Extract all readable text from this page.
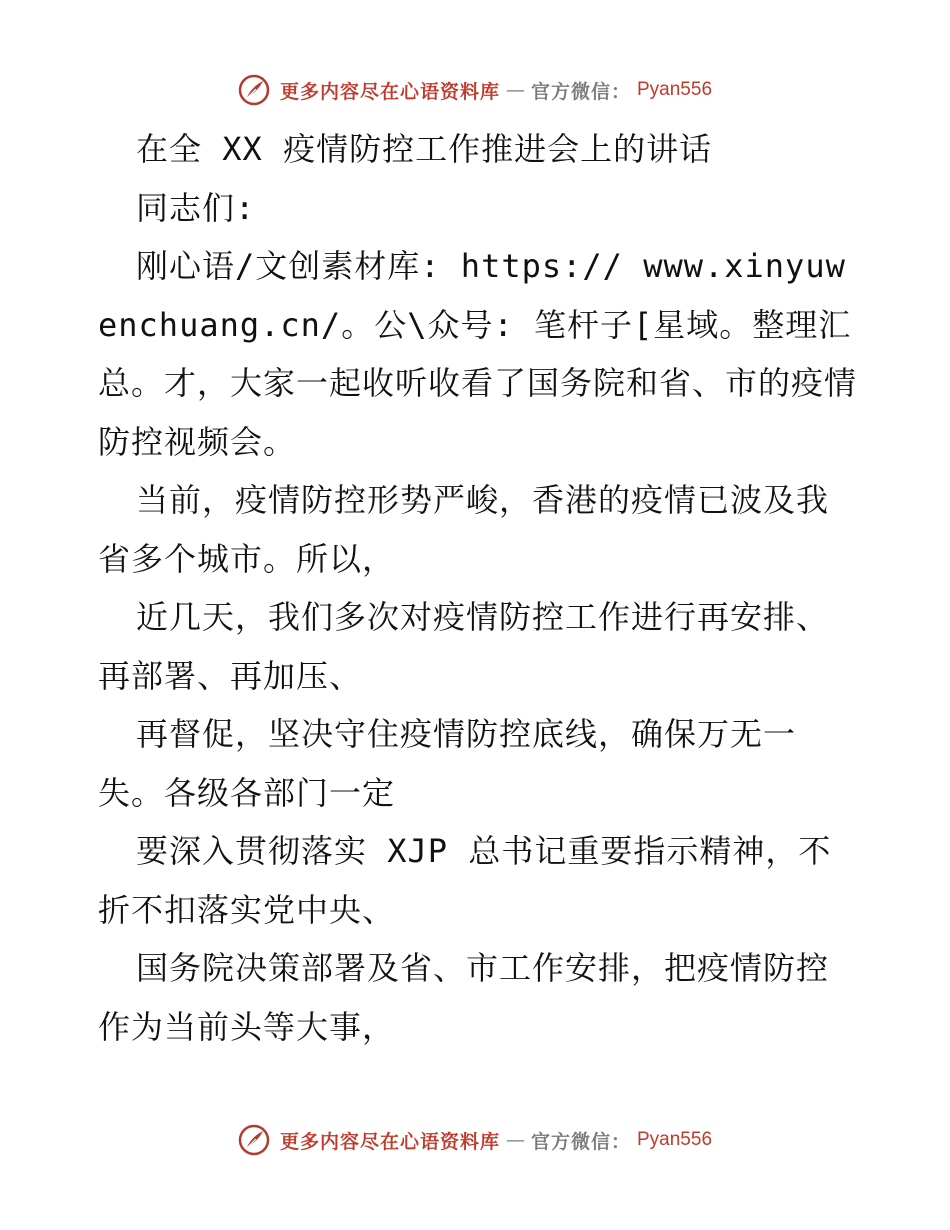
更多内容尽在心语资料库 — 官方微信： Pyan556

在全 XX 疫情防控工作推进会上的讲话

同志们:

刚心语/文创素材库: https:// www.xinyuwenchuang.cn/。公\众号: 笔杆子[星域。整理汇总。才，大家一起收听收看了国务院和省、市的疫情防控视频会。

当前，疫情防控形势严峻，香港的疫情已波及我省多个城市。所以，

近几天，我们多次对疫情防控工作进行再安排、再部署、再加压、

再督促，坚决守住疫情防控底线，确保万无一失。各级各部门一定

要深入贯彻落实 XJP 总书记重要指示精神，不折不扣落实党中央、

国务院决策部署及省、市工作安排，把疫情防控作为当前头等大事，

更多内容尽在心语资料库 — 官方微信： Pyan556
